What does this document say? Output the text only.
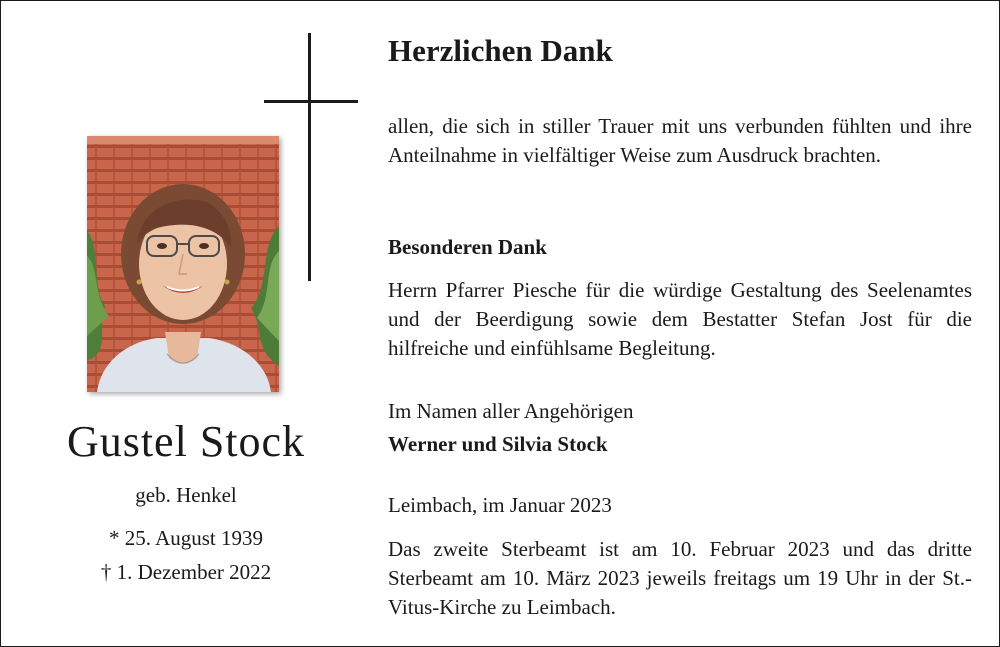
Gustel Stock
geb. Henkel
* 25. August 1939
† 1. Dezember 2022
Herzlichen Dank
allen, die sich in stiller Trauer mit uns verbunden fühlten und ihre Anteilnahme in vielfältiger Weise zum Ausdruck brachten.
Besonderen Dank
Herrn Pfarrer Piesche für die würdige Gestaltung des Seelenamtes und der Beerdigung sowie dem Bestatter Stefan Jost für die hilfreiche und einfühlsame Begleitung.
Im Namen aller Angehörigen
Werner und Silvia Stock
Leimbach, im Januar 2023
Das zweite Sterbeamt ist am 10. Februar 2023 und das dritte Sterbeamt am 10. März 2023 jeweils freitags um 19 Uhr in der St.-Vitus-Kirche zu Leimbach.
